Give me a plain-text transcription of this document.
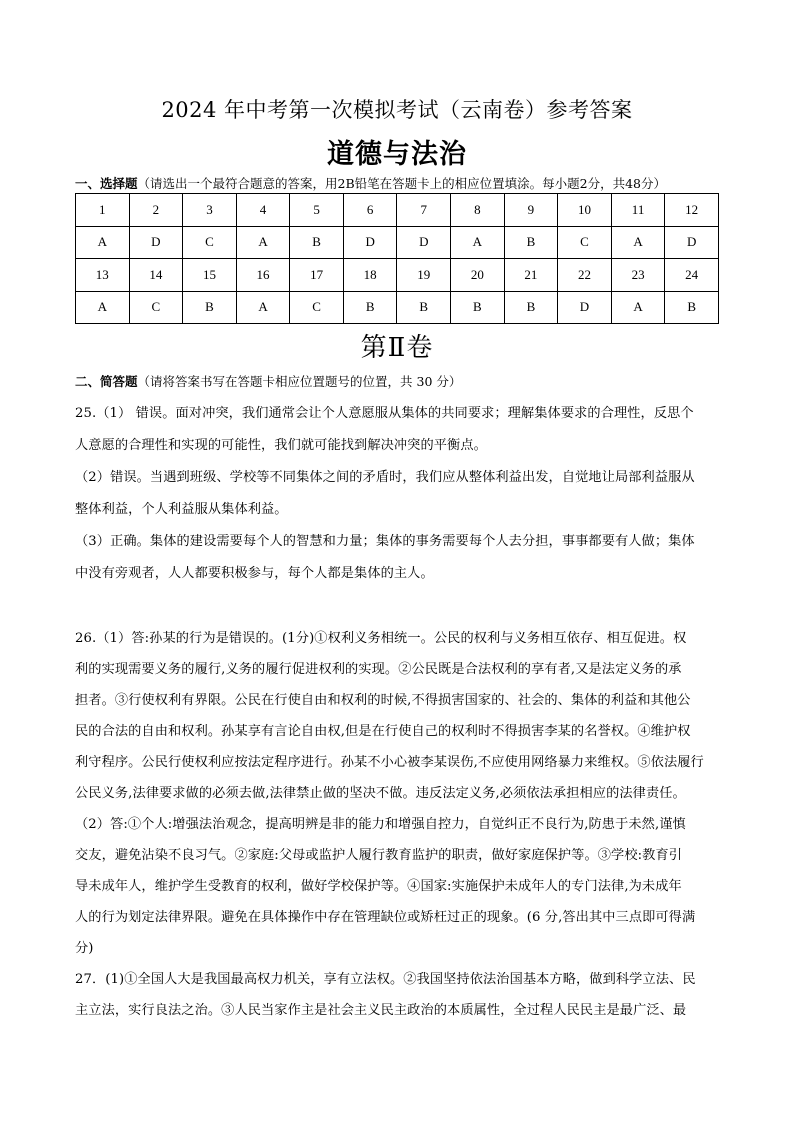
2024 年中考第一次模拟考试（云南卷）参考答案
道德与法治
一、选择题（请选出一个最符合题意的答案，用2B铅笔在答题卡上的相应位置填涂。每小题2分，共48分）
1	2	3	4	5	6	7	8	9	10	11	12
A	D	C	A	B	D	D	A	B	C	A	D
13	14	15	16	17	18	19	20	21	22	23	24
A	C	B	A	C	B	B	B	B	D	A	B
第Ⅱ卷
二、简答题（请将答案书写在答题卡相应位置题号的位置，共 30 分）
25.（1） 错误。面对冲突，我们通常会让个人意愿服从集体的共同要求；理解集体要求的合理性，反思个
人意愿的合理性和实现的可能性，我们就可能找到解决冲突的平衡点。
（2）错误。当遇到班级、学校等不同集体之间的矛盾时，我们应从整体利益出发，自觉地让局部利益服从
整体利益，个人利益服从集体利益。
（3）正确。集体的建设需要每个人的智慧和力量；集体的事务需要每个人去分担，事事都要有人做；集体
中没有旁观者，人人都要积极参与，每个人都是集体的主人。
26.（1）答:孙某的行为是错误的。(1分)①权利义务相统一。公民的权利与义务相互依存、相互促进。权
利的实现需要义务的履行,义务的履行促进权利的实现。②公民既是合法权利的享有者,又是法定义务的承
担者。③行使权利有界限。公民在行使自由和权利的时候,不得损害国家的、社会的、集体的利益和其他公
民的合法的自由和权利。孙某享有言论自由权,但是在行使自己的权利时不得损害李某的名誉权。④维护权
利守程序。公民行使权利应按法定程序进行。孙某不小心被李某误伤,不应使用网络暴力来维权。⑤依法履行
公民义务,法律要求做的必须去做,法律禁止做的坚决不做。违反法定义务,必须依法承担相应的法律责任。
（2）答:①个人:增强法治观念，提高明辨是非的能力和增强自控力，自觉纠正不良行为,防患于未然,谨慎
交友，避免沾染不良习气。②家庭:父母或监护人履行教育监护的职责，做好家庭保护等。③学校:教育引
导未成年人，维护学生受教育的权利，做好学校保护等。④国家:实施保护未成年人的专门法律,为未成年
人的行为划定法律界限。避免在具体操作中存在管理缺位或矫枉过正的现象。(6 分,答出其中三点即可得满
分)
27．(1)①全国人大是我国最高权力机关，享有立法权。②我国坚持依法治国基本方略，做到科学立法、民
主立法，实行良法之治。③人民当家作主是社会主义民主政治的本质属性，全过程人民民主是最广泛、最
